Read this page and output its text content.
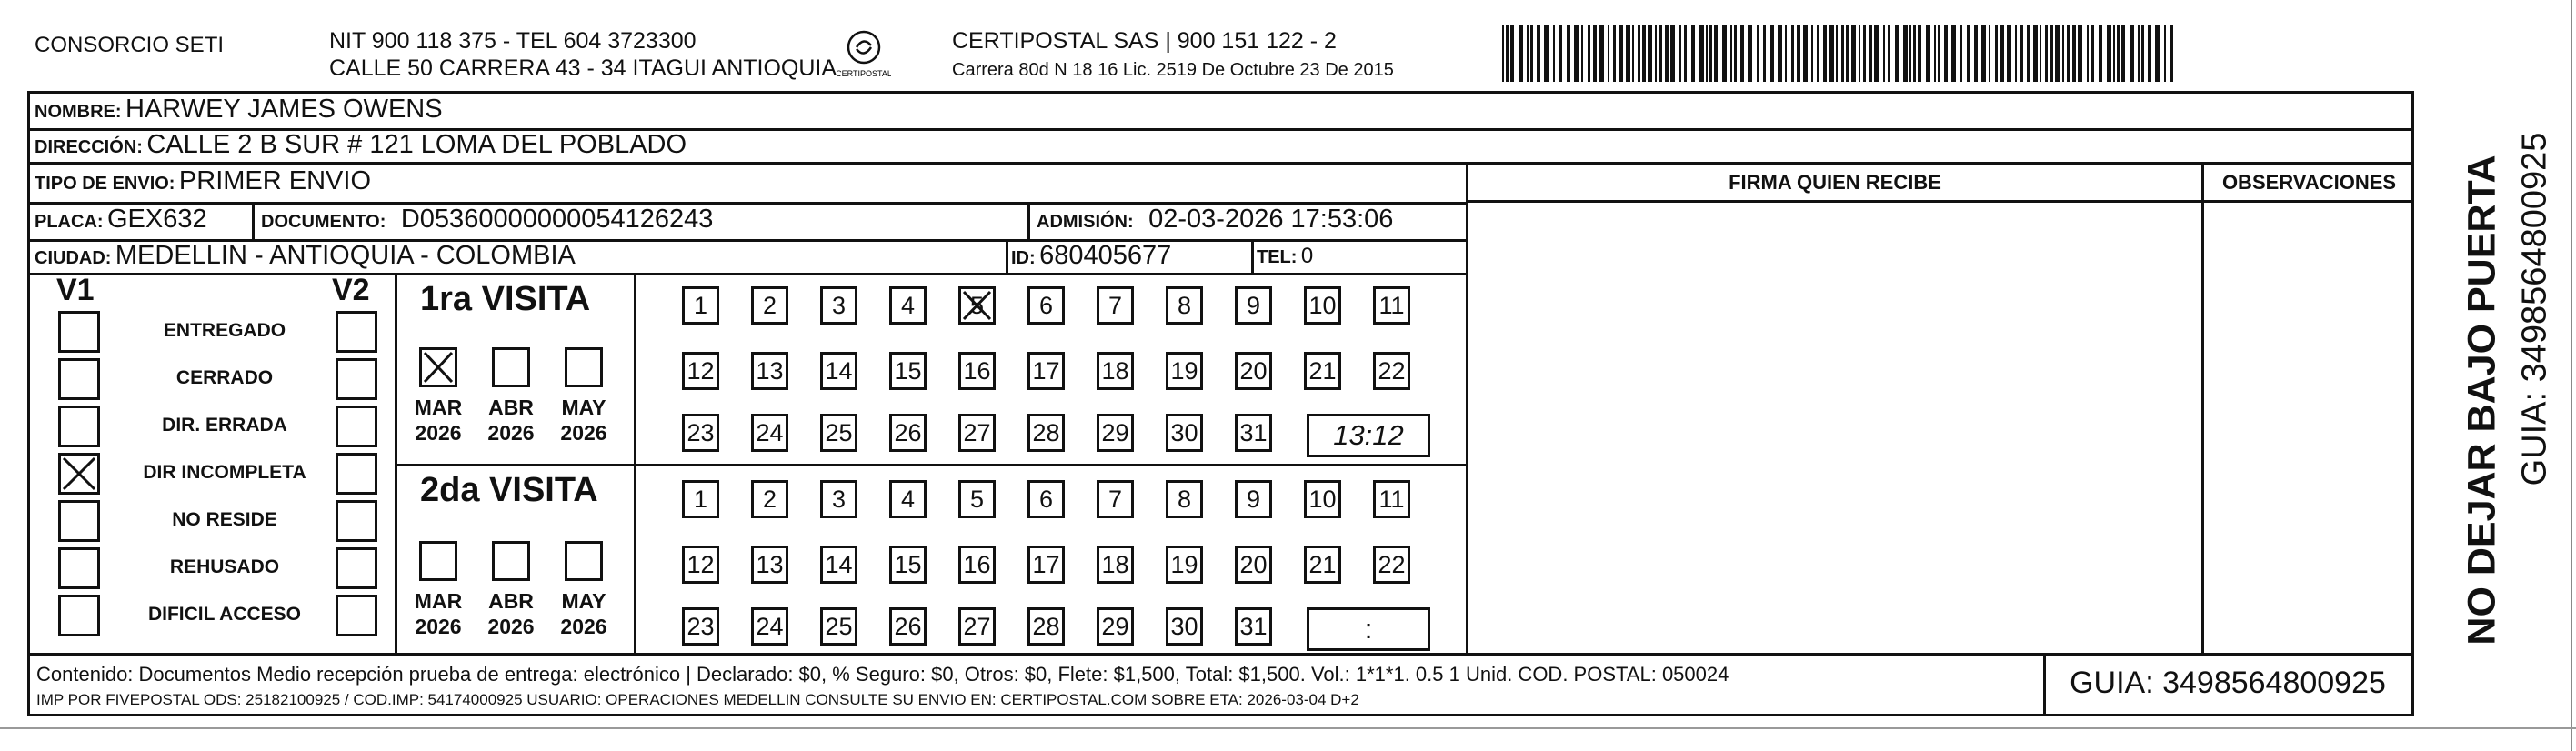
CONSORCIO SETI	NIT 900 118 375 - TEL 604 3723300
CALLE 50 CARRERA 43 - 34 ITAGUI ANTIOQUIA CERTIPOSTAL
CERTIPOSTAL SAS | 900 151 122 - 2
Carrera 80d N 18 16 Lic. 2519 De Octubre 23 De 2015
NOMBRE: HARWEY JAMES OWENS
DIRECCIÓN: CALLE 2 B SUR # 121 LOMA DEL POBLADO
TIPO DE ENVIO: PRIMER ENVIO
PLACA: GEX632	DOCUMENTO: D05360000000054126243	ADMISIÓN: 02-03-2026 17:53:06
CIUDAD: MEDELLIN - ANTIOQUIA - COLOMBIA	ID: 680405677	TEL: 0
FIRMA QUIEN RECIBE	OBSERVACIONES
V1	V2
ENTREGADO
CERRADO
DIR. ERRADA
DIR INCOMPLETA
NO RESIDE
REHUSADO
DIFICIL ACCESO
1ra VISITA
MAR
2026
ABR
2026
MAY
2026
1 2 3 4 5 6 7 8 9 10 11
12 13 14 15 16 17 18 19 20 21 22
23 24 25 26 27 28 29 30 31 13:12
2da VISITA
MAR
2026
ABR
2026
MAY
2026
1 2 3 4 5 6 7 8 9 10 11
12 13 14 15 16 17 18 19 20 21 22
23 24 25 26 27 28 29 30 31	:
Contenido: Documentos Medio recepción prueba de entrega: electrónico | Declarado: $0, % Seguro: $0, Otros: $0, Flete: $1,500, Total: $1,500. Vol.: 1*1*1. 0.5 1 Unid. COD. POSTAL: 050024
IMP POR FIVEPOSTAL ODS: 25182100925 / COD.IMP: 54174000925 USUARIO: OPERACIONES MEDELLIN CONSULTE SU ENVIO EN: CERTIPOSTAL.COM SOBRE ETA: 2026-03-04 D+2	GUIA: 3498564800925
NO DEJAR BAJO PUERTA GUIA: 3498564800925
